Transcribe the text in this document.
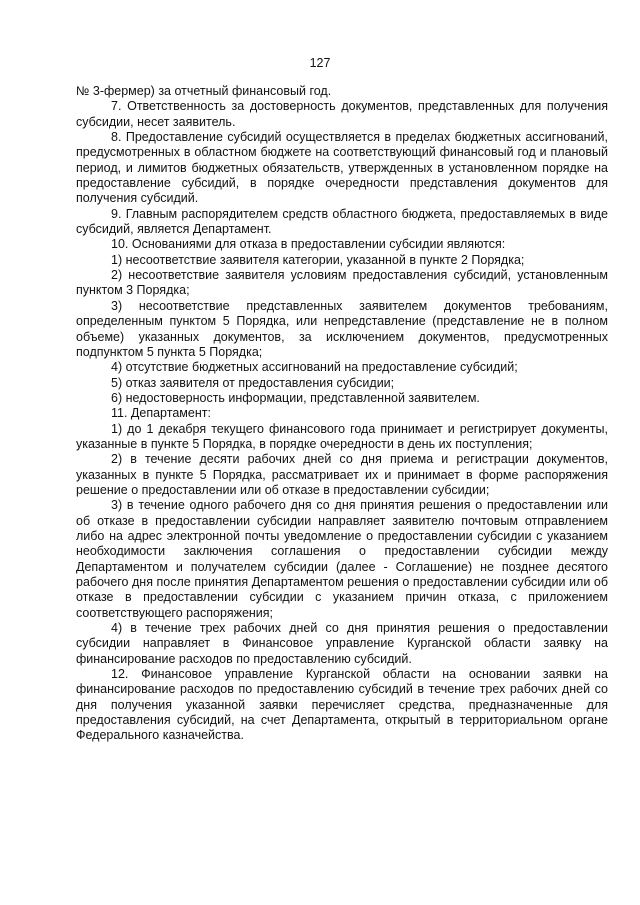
127

№ 3-фермер) за отчетный финансовый год.

7. Ответственность за достоверность документов, представленных для получения субсидии, несет заявитель.

8. Предоставление субсидий осуществляется в пределах бюджетных ассигнований, предусмотренных в областном бюджете на соответствующий финансовый год и плановый период, и лимитов бюджетных обязательств, утвержденных в установленном порядке на предоставление субсидий, в порядке очередности представления документов для получения субсидий.

9. Главным распорядителем средств областного бюджета, предоставляемых в виде субсидий, является Департамент.

10. Основаниями для отказа в предоставлении субсидии являются:

1) несоответствие заявителя категории, указанной в пункте 2 Порядка;

2) несоответствие заявителя условиям предоставления субсидий, установленным пунктом 3 Порядка;

3) несоответствие представленных заявителем документов требованиям, определенным пунктом 5 Порядка, или непредставление (представление не в полном объеме) указанных документов, за исключением документов, предусмотренных подпунктом 5 пункта 5 Порядка;

4) отсутствие бюджетных ассигнований на предоставление субсидий;

5) отказ заявителя от предоставления субсидии;

6) недостоверность информации, представленной заявителем.

11. Департамент:

1) до 1 декабря текущего финансового года принимает и регистрирует документы, указанные в пункте 5 Порядка, в порядке очередности в день их поступления;

2) в течение десяти рабочих дней со дня приема и регистрации документов, указанных в пункте 5 Порядка, рассматривает их и принимает в форме распоряжения решение о предоставлении или об отказе в предоставлении субсидии;

3) в течение одного рабочего дня со дня принятия решения о предоставлении или об отказе в предоставлении субсидии направляет заявителю почтовым отправлением либо на адрес электронной почты уведомление о предоставлении субсидии с указанием необходимости заключения соглашения о предоставлении субсидии между Департаментом и получателем субсидии (далее - Соглашение) не позднее десятого рабочего дня после принятия Департаментом решения о предоставлении субсидии или об отказе в предоставлении субсидии с указанием причин отказа, с приложением соответствующего распоряжения;

4) в течение трех рабочих дней со дня принятия решения о предоставлении субсидии направляет в Финансовое управление Курганской области заявку на финансирование расходов по предоставлению субсидий.

12. Финансовое управление Курганской области на основании заявки на финансирование расходов по предоставлению субсидий в течение трех рабочих дней со дня получения указанной заявки перечисляет средства, предназначенные для предоставления субсидий, на счет Департамента, открытый в территориальном органе Федерального казначейства.
